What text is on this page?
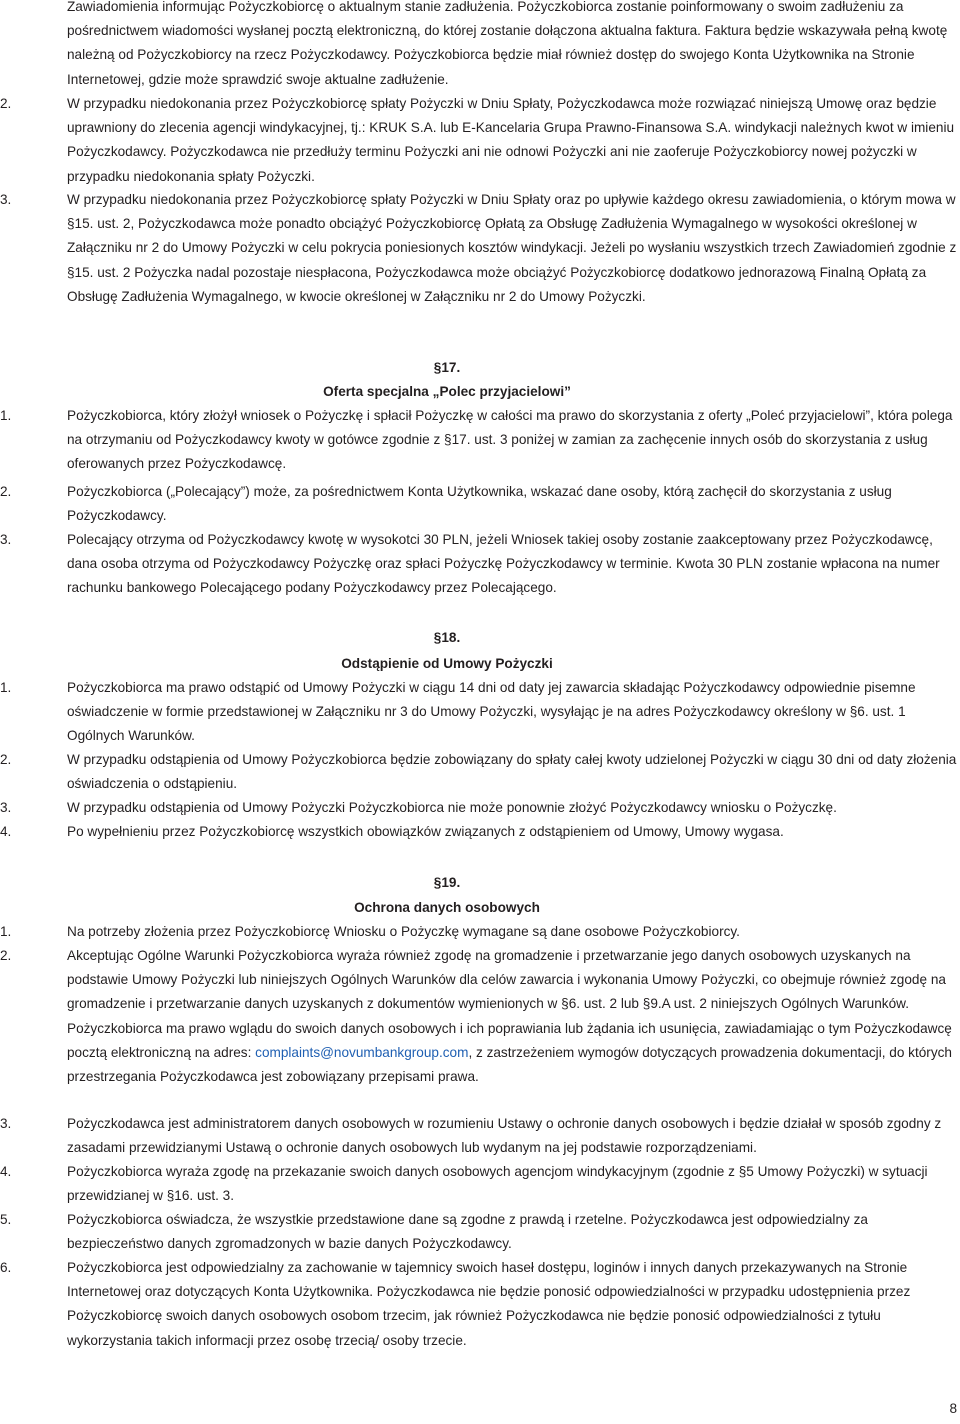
Zawiadomienia informując Pożyczkobiorcę o aktualnym stanie zadłużenia. Pożyczkobiorca zostanie poinformowany o swoim zadłużeniu za pośrednictwem wiadomości wysłanej pocztą elektroniczną, do której zostanie dołączona aktualna faktura. Faktura będzie wskazywała pełną kwotę należną od Pożyczkobiorcy na rzecz Pożyczkodawcy. Pożyczkobiorca będzie miał również dostęp do swojego Konta Użytkownika na Stronie Internetowej, gdzie może sprawdzić swoje aktualne zadłużenie.
2.	W przypadku niedokonania przez Pożyczkobiorcę spłaty Pożyczki w Dniu Spłaty, Pożyczkodawca może rozwiązać niniejszą Umowę oraz będzie uprawniony do zlecenia agencji windykacyjnej, tj.: KRUK S.A. lub E-Kancelaria Grupa Prawno-Finansowa S.A. windykacji należnych kwot w imieniu Pożyczkodawcy. Pożyczkodawca nie przedłuży terminu Pożyczki ani nie odnowi Pożyczki ani nie zaoferuje Pożyczkobiorcy nowej pożyczki w przypadku niedokonania spłaty Pożyczki.
3.	W przypadku niedokonania przez Pożyczkobiorcę spłaty Pożyczki w Dniu Spłaty oraz po upływie każdego okresu zawiadomienia, o którym mowa w §15. ust. 2, Pożyczkodawca może ponadto obciążyć Pożyczkobiorcę Opłatą za Obsługę Zadłużenia Wymagalnego w wysokości określonej w Załączniku nr 2 do Umowy Pożyczki w celu pokrycia poniesionych kosztów windykacji. Jeżeli po wysłaniu wszystkich trzech Zawiadomień zgodnie z §15. ust. 2 Pożyczka nadal pozostaje niespłacona, Pożyczkodawca może obciążyć Pożyczkobiorcę dodatkowo jednorazową Finalną Opłatą za Obsługę Zadłużenia Wymagalnego, w kwocie określonej w Załączniku nr 2 do Umowy Pożyczki.
§17.
Oferta specjalna „Polec przyjacielowi”
1.	Pożyczkobiorca, który złożył wniosek o Pożyczkę i spłacił Pożyczkę w całości ma prawo do skorzystania z oferty „Poleć przyjacielowi”, która polega na otrzymaniu od Pożyczkodawcy kwoty w gotówce zgodnie z §17. ust. 3 poniżej w zamian za zachęcenie innych osób do skorzystania z usług oferowanych przez Pożyczkodawcę.
2.	Pożyczkobiorca („Polecający”) może, za pośrednictwem Konta Użytkownika, wskazać dane osoby, którą zachęcił do skorzystania z usług Pożyczkodawcy.
3.	Polecający otrzyma od Pożyczkodawcy kwotę w wysokotci 30 PLN, jeżeli Wniosek takiej osoby zostanie zaakceptowany przez Pożyczkodawcę, dana osoba otrzyma od Pożyczkodawcy Pożyczkę oraz spłaci Pożyczkę Pożyczkodawcy w terminie. Kwota 30 PLN zostanie wpłacona na numer rachunku bankowego Polecającego podany Pożyczkodawcy przez Polecającego.
§18.
Odstąpienie od Umowy Pożyczki
1.	Pożyczkobiorca ma prawo odstąpić od Umowy Pożyczki w ciągu 14 dni od daty jej zawarcia składając Pożyczkodawcy odpowiednie pisemne oświadczenie w formie przedstawionej w Załączniku nr 3 do Umowy Pożyczki, wysyłając je na adres Pożyczkodawcy określony w §6. ust. 1 Ogólnych Warunków.
2.	W przypadku odstąpienia od Umowy Pożyczkobiorca będzie zobowiązany do spłaty całej kwoty udzielonej Pożyczki w ciągu 30 dni od daty złożenia oświadczenia o odstąpieniu.
3.	W przypadku odstąpienia od Umowy Pożyczki Pożyczkobiorca nie może ponownie złożyć Pożyczkodawcy wniosku o Pożyczkę.
4.	Po wypełnieniu przez Pożyczkobiorcę wszystkich obowiązków związanych z odstąpieniem od Umowy, Umowy wygasa.
§19.
Ochrona danych osobowych
1.	Na potrzeby złożenia przez Pożyczkobiorcę Wniosku o Pożyczkę wymagane są dane osobowe Pożyczkobiorcy.
2.	Akceptując Ogólne Warunki Pożyczkobiorca wyraża również zgodę na gromadzenie i przetwarzanie jego danych osobowych uzyskanych na podstawie Umowy Pożyczki lub niniejszych Ogólnych Warunków dla celów zawarcia i wykonania Umowy Pożyczki, co obejmuje również zgodę na gromadzenie i przetwarzanie danych uzyskanych z dokumentów wymienionych w §6. ust. 2 lub §9.A ust. 2 niniejszych Ogólnych Warunków. Pożyczkobiorca ma prawo wglądu do swoich danych osobowych i ich poprawiania lub żądania ich usunięcia, zawiadamiając o tym Pożyczkodawcę pocztą elektroniczną na adres: complaints@novumbankgroup.com, z zastrzeżeniem wymogów dotyczących prowadzenia dokumentacji, do których przestrzegania Pożyczkodawca jest zobowiązany przepisami prawa.
3.	Pożyczkodawca jest administratorem danych osobowych w rozumieniu Ustawy o ochronie danych osobowych i będzie działał w sposób zgodny z zasadami przewidzianymi Ustawą o ochronie danych osobowych lub wydanym na jej podstawie rozporządzeniami.
4.	Pożyczkobiorca wyraża zgodę na przekazanie swoich danych osobowych agencjom windykacyjnym (zgodnie z §5 Umowy Pożyczki) w sytuacji przewidzianej w §16. ust. 3.
5.	Pożyczkobiorca oświadcza, że wszystkie przedstawione dane są zgodne z prawdą i rzetelne. Pożyczkodawca jest odpowiedzialny za bezpieczeństwo danych zgromadzonych w bazie danych Pożyczkodawcy.
6.	Pożyczkobiorca jest odpowiedzialny za zachowanie w tajemnicy swoich haseł dostępu, loginów i innych danych przekazywanych na Stronie Internetowej oraz dotyczących Konta Użytkownika. Pożyczkodawca nie będzie ponosić odpowiedzialności w przypadku udostępnienia przez Pożyczkobiorcę swoich danych osobowych osobom trzecim, jak również Pożyczkodawca nie będzie ponosić odpowiedzialności z tytułu wykorzystania takich informacji przez osobę trzecią/ osoby trzecie.
8
